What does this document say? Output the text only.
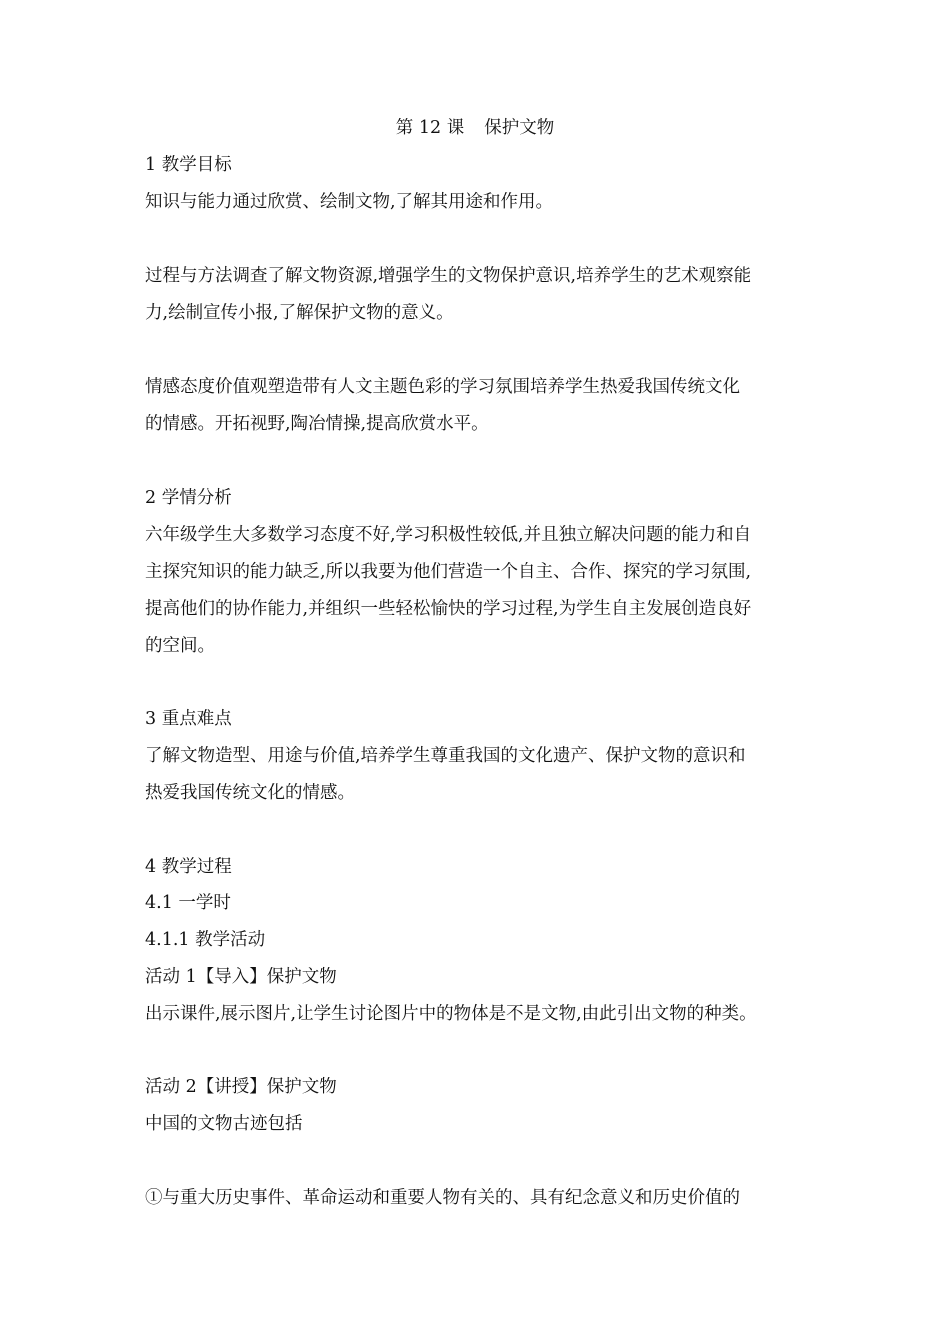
第 12 课 保护文物
1 教学目标
知识与能力通过欣赏、绘制文物,了解其用途和作用。
过程与方法调查了解文物资源,增强学生的文物保护意识,培养学生的艺术观察能
力,绘制宣传小报,了解保护文物的意义。
情感态度价值观塑造带有人文主题色彩的学习氛围培养学生热爱我国传统文化
的情感。开拓视野,陶冶情操,提高欣赏水平。
2 学情分析
六年级学生大多数学习态度不好,学习积极性较低,并且独立解决问题的能力和自
主探究知识的能力缺乏,所以我要为他们营造一个自主、合作、探究的学习氛围,
提高他们的协作能力,并组织一些轻松愉快的学习过程,为学生自主发展创造良好
的空间。
3 重点难点
了解文物造型、用途与价值,培养学生尊重我国的文化遗产、保护文物的意识和
热爱我国传统文化的情感。
4 教学过程
4.1 一学时
4.1.1 教学活动
活动 1【导入】保护文物
出示课件,展示图片,让学生讨论图片中的物体是不是文物,由此引出文物的种类。
活动 2【讲授】保护文物
中国的文物古迹包括
①与重大历史事件、革命运动和重要人物有关的、具有纪念意义和历史价值的
